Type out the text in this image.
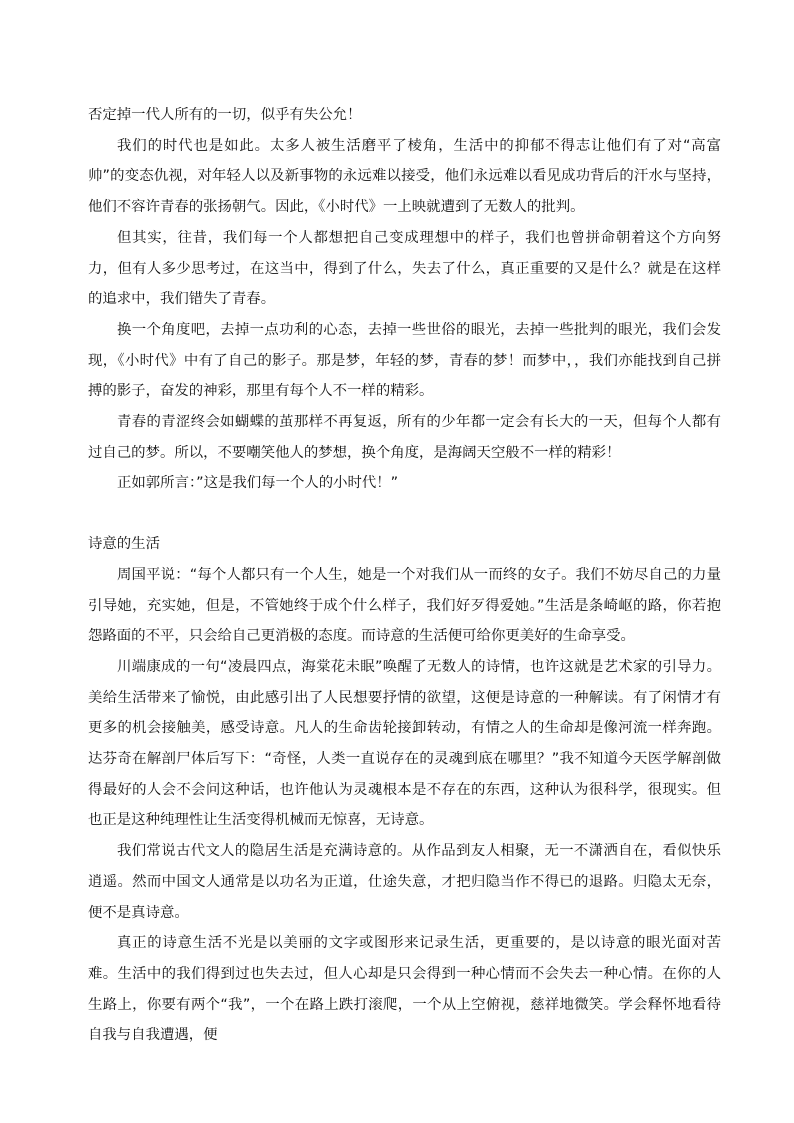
否定掉一代人所有的一切，似乎有失公允！

我们的时代也是如此。太多人被生活磨平了棱角，生活中的抑郁不得志让他们有了对“高富帅”的变态仇视，对年轻人以及新事物的永远难以接受，他们永远难以看见成功背后的汗水与坚持，他们不容许青春的张扬朝气。因此，《小时代》一上映就遭到了无数人的批判。

但其实，往昔，我们每一个人都想把自己变成理想中的样子，我们也曾拼命朝着这个方向努力，但有人多少思考过，在这当中，得到了什么，失去了什么，真正重要的又是什么？就是在这样的追求中，我们错失了青春。

换一个角度吧，去掉一点功利的心态，去掉一些世俗的眼光，去掉一些批判的眼光，我们会发现，《小时代》中有了自己的影子。那是梦，年轻的梦，青春的梦！而梦中，，我们亦能找到自己拼搏的影子，奋发的神彩，那里有每个人不一样的精彩。

青春的青涩终会如蝴蝶的茧那样不再复返，所有的少年都一定会有长大的一天，但每个人都有过自己的梦。所以，不要嘲笑他人的梦想，换个角度，是海阔天空般不一样的精彩！

正如郭所言：”这是我们每一个人的小时代！”

诗意的生活

周国平说：“每个人都只有一个人生，她是一个对我们从一而终的女子。我们不妨尽自己的力量引导她，充实她，但是，不管她终于成个什么样子，我们好歹得爱她。”生活是条崎岖的路，你若抱怨路面的不平，只会给自己更消极的态度。而诗意的生活便可给你更美好的生命享受。

川端康成的一句“凌晨四点，海棠花未眠”唤醒了无数人的诗情，也许这就是艺术家的引导力。美给生活带来了愉悦，由此感引出了人民想要抒情的欲望，这便是诗意的一种解读。有了闲情才有更多的机会接触美，感受诗意。凡人的生命齿轮接卸转动，有情之人的生命却是像河流一样奔跑。达芬奇在解剖尸体后写下：“奇怪，人类一直说存在的灵魂到底在哪里？”我不知道今天医学解剖做得最好的人会不会问这种话，也许他认为灵魂根本是不存在的东西，这种认为很科学，很现实。但也正是这种纯理性让生活变得机械而无惊喜，无诗意。

我们常说古代文人的隐居生活是充满诗意的。从作品到友人相聚，无一不潇洒自在，看似快乐逍遥。然而中国文人通常是以功名为正道，仕途失意，才把归隐当作不得已的退路。归隐太无奈，便不是真诗意。

真正的诗意生活不光是以美丽的文字或图形来记录生活，更重要的，是以诗意的眼光面对苦难。生活中的我们得到过也失去过，但人心却是只会得到一种心情而不会失去一种心情。在你的人生路上，你要有两个“我”，一个在路上跌打滚爬，一个从上空俯视，慈祥地微笑。学会释怀地看待自我与自我遭遇，便
